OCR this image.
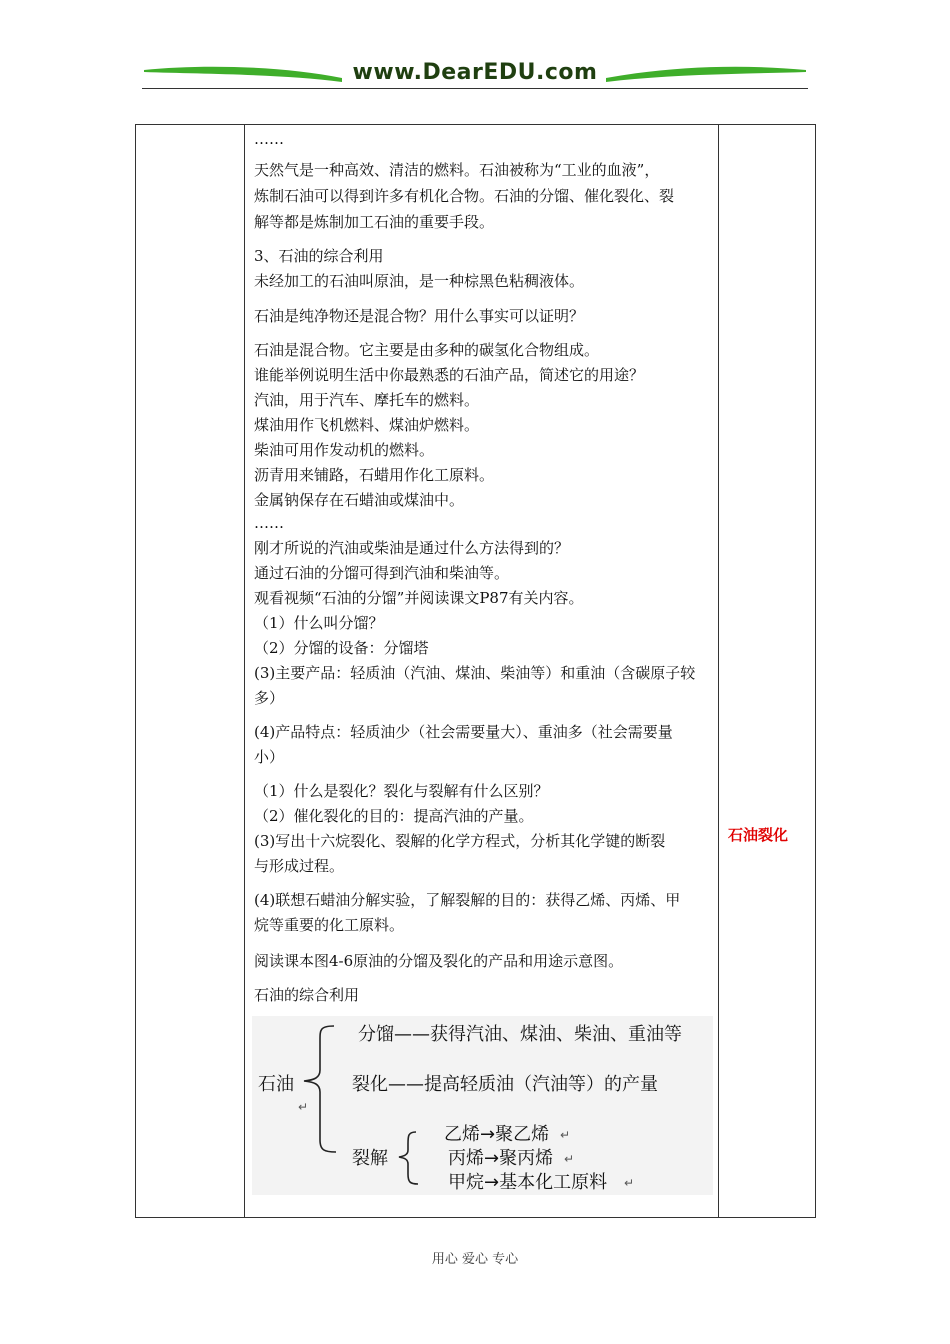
www.DearEDU.com
……
天然气是一种高效、清洁的燃料。石油被称为“工业的血液”，
炼制石油可以得到许多有机化合物。石油的分馏、催化裂化、裂
解等都是炼制加工石油的重要手段。
3、石油的综合利用
未经加工的石油叫原油，是一种棕黑色粘稠液体。
石油是纯净物还是混合物？用什么事实可以证明？
石油是混合物。它主要是由多种的碳氢化合物组成。
谁能举例说明生活中你最熟悉的石油产品，简述它的用途？
汽油，用于汽车、摩托车的燃料。
煤油用作飞机燃料、煤油炉燃料。
柴油可用作发动机的燃料。
沥青用来铺路，石蜡用作化工原料。
金属钠保存在石蜡油或煤油中。
……
刚才所说的汽油或柴油是通过什么方法得到的？
通过石油的分馏可得到汽油和柴油等。
观看视频“石油的分馏”并阅读课文P87有关内容。
（1）什么叫分馏？
（2）分馏的设备：分馏塔
(3)主要产品：轻质油（汽油、煤油、柴油等）和重油（含碳原子较
多）
(4)产品特点：轻质油少（社会需要量大）、重油多（社会需要量
小）
（1）什么是裂化？裂化与裂解有什么区别？
（2）催化裂化的目的：提高汽油的产量。
(3)写出十六烷裂化、裂解的化学方程式，分析其化学键的断裂
与形成过程。
(4)联想石蜡油分解实验，了解裂解的目的：获得乙烯、丙烯、甲
烷等重要的化工原料。
阅读课本图4-6原油的分馏及裂化的产品和用途示意图。
石油的综合利用
石油裂化
石油
↵
分馏——获得汽油、煤油、柴油、重油等
裂化——提高轻质油（汽油等）的产量
裂解
乙烯→聚乙烯 ↵
丙烯→聚丙烯 ↵
甲烷→基本化工原料 ↵
用心 爱心 专心
